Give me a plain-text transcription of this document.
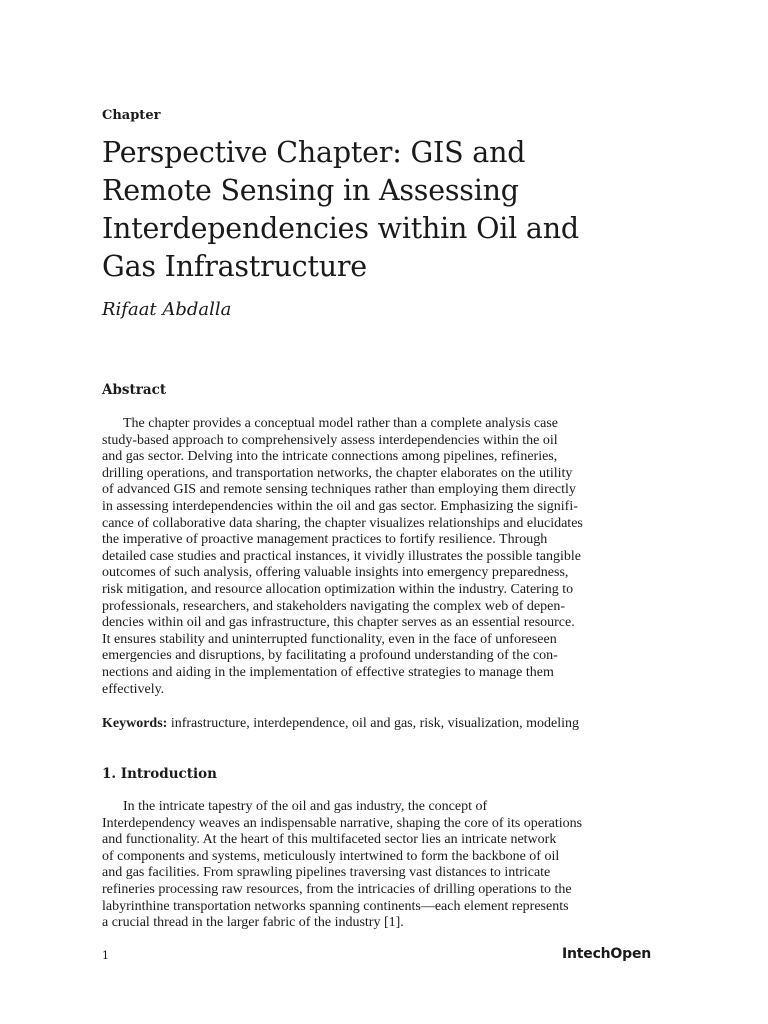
Chapter
Perspective Chapter: GIS and
Remote Sensing in Assessing
Interdependencies within Oil and
Gas Infrastructure
Rifaat Abdalla
Abstract

The chapter provides a conceptual model rather than a complete analysis case
study-based approach to comprehensively assess interdependencies within the oil
and gas sector. Delving into the intricate connections among pipelines, refineries,
drilling operations, and transportation networks, the chapter elaborates on the utility
of advanced GIS and remote sensing techniques rather than employing them directly
in assessing interdependencies within the oil and gas sector. Emphasizing the signifi-
cance of collaborative data sharing, the chapter visualizes relationships and elucidates
the imperative of proactive management practices to fortify resilience. Through
detailed case studies and practical instances, it vividly illustrates the possible tangible
outcomes of such analysis, offering valuable insights into emergency preparedness,
risk mitigation, and resource allocation optimization within the industry. Catering to
professionals, researchers, and stakeholders navigating the complex web of depen-
dencies within oil and gas infrastructure, this chapter serves as an essential resource.
It ensures stability and uninterrupted functionality, even in the face of unforeseen
emergencies and disruptions, by facilitating a profound understanding of the con-
nections and aiding in the implementation of effective strategies to manage them
effectively.

Keywords: infrastructure, interdependence, oil and gas, risk, visualization, modeling
1. Introduction

In the intricate tapestry of the oil and gas industry, the concept of
Interdependency weaves an indispensable narrative, shaping the core of its operations
and functionality. At the heart of this multifaceted sector lies an intricate network
of components and systems, meticulously intertwined to form the backbone of oil
and gas facilities. From sprawling pipelines traversing vast distances to intricate
refineries processing raw resources, from the intricacies of drilling operations to the
labyrinthine transportation networks spanning continents—each element represents
a crucial thread in the larger fabric of the industry [1].

1	IntechOpen
